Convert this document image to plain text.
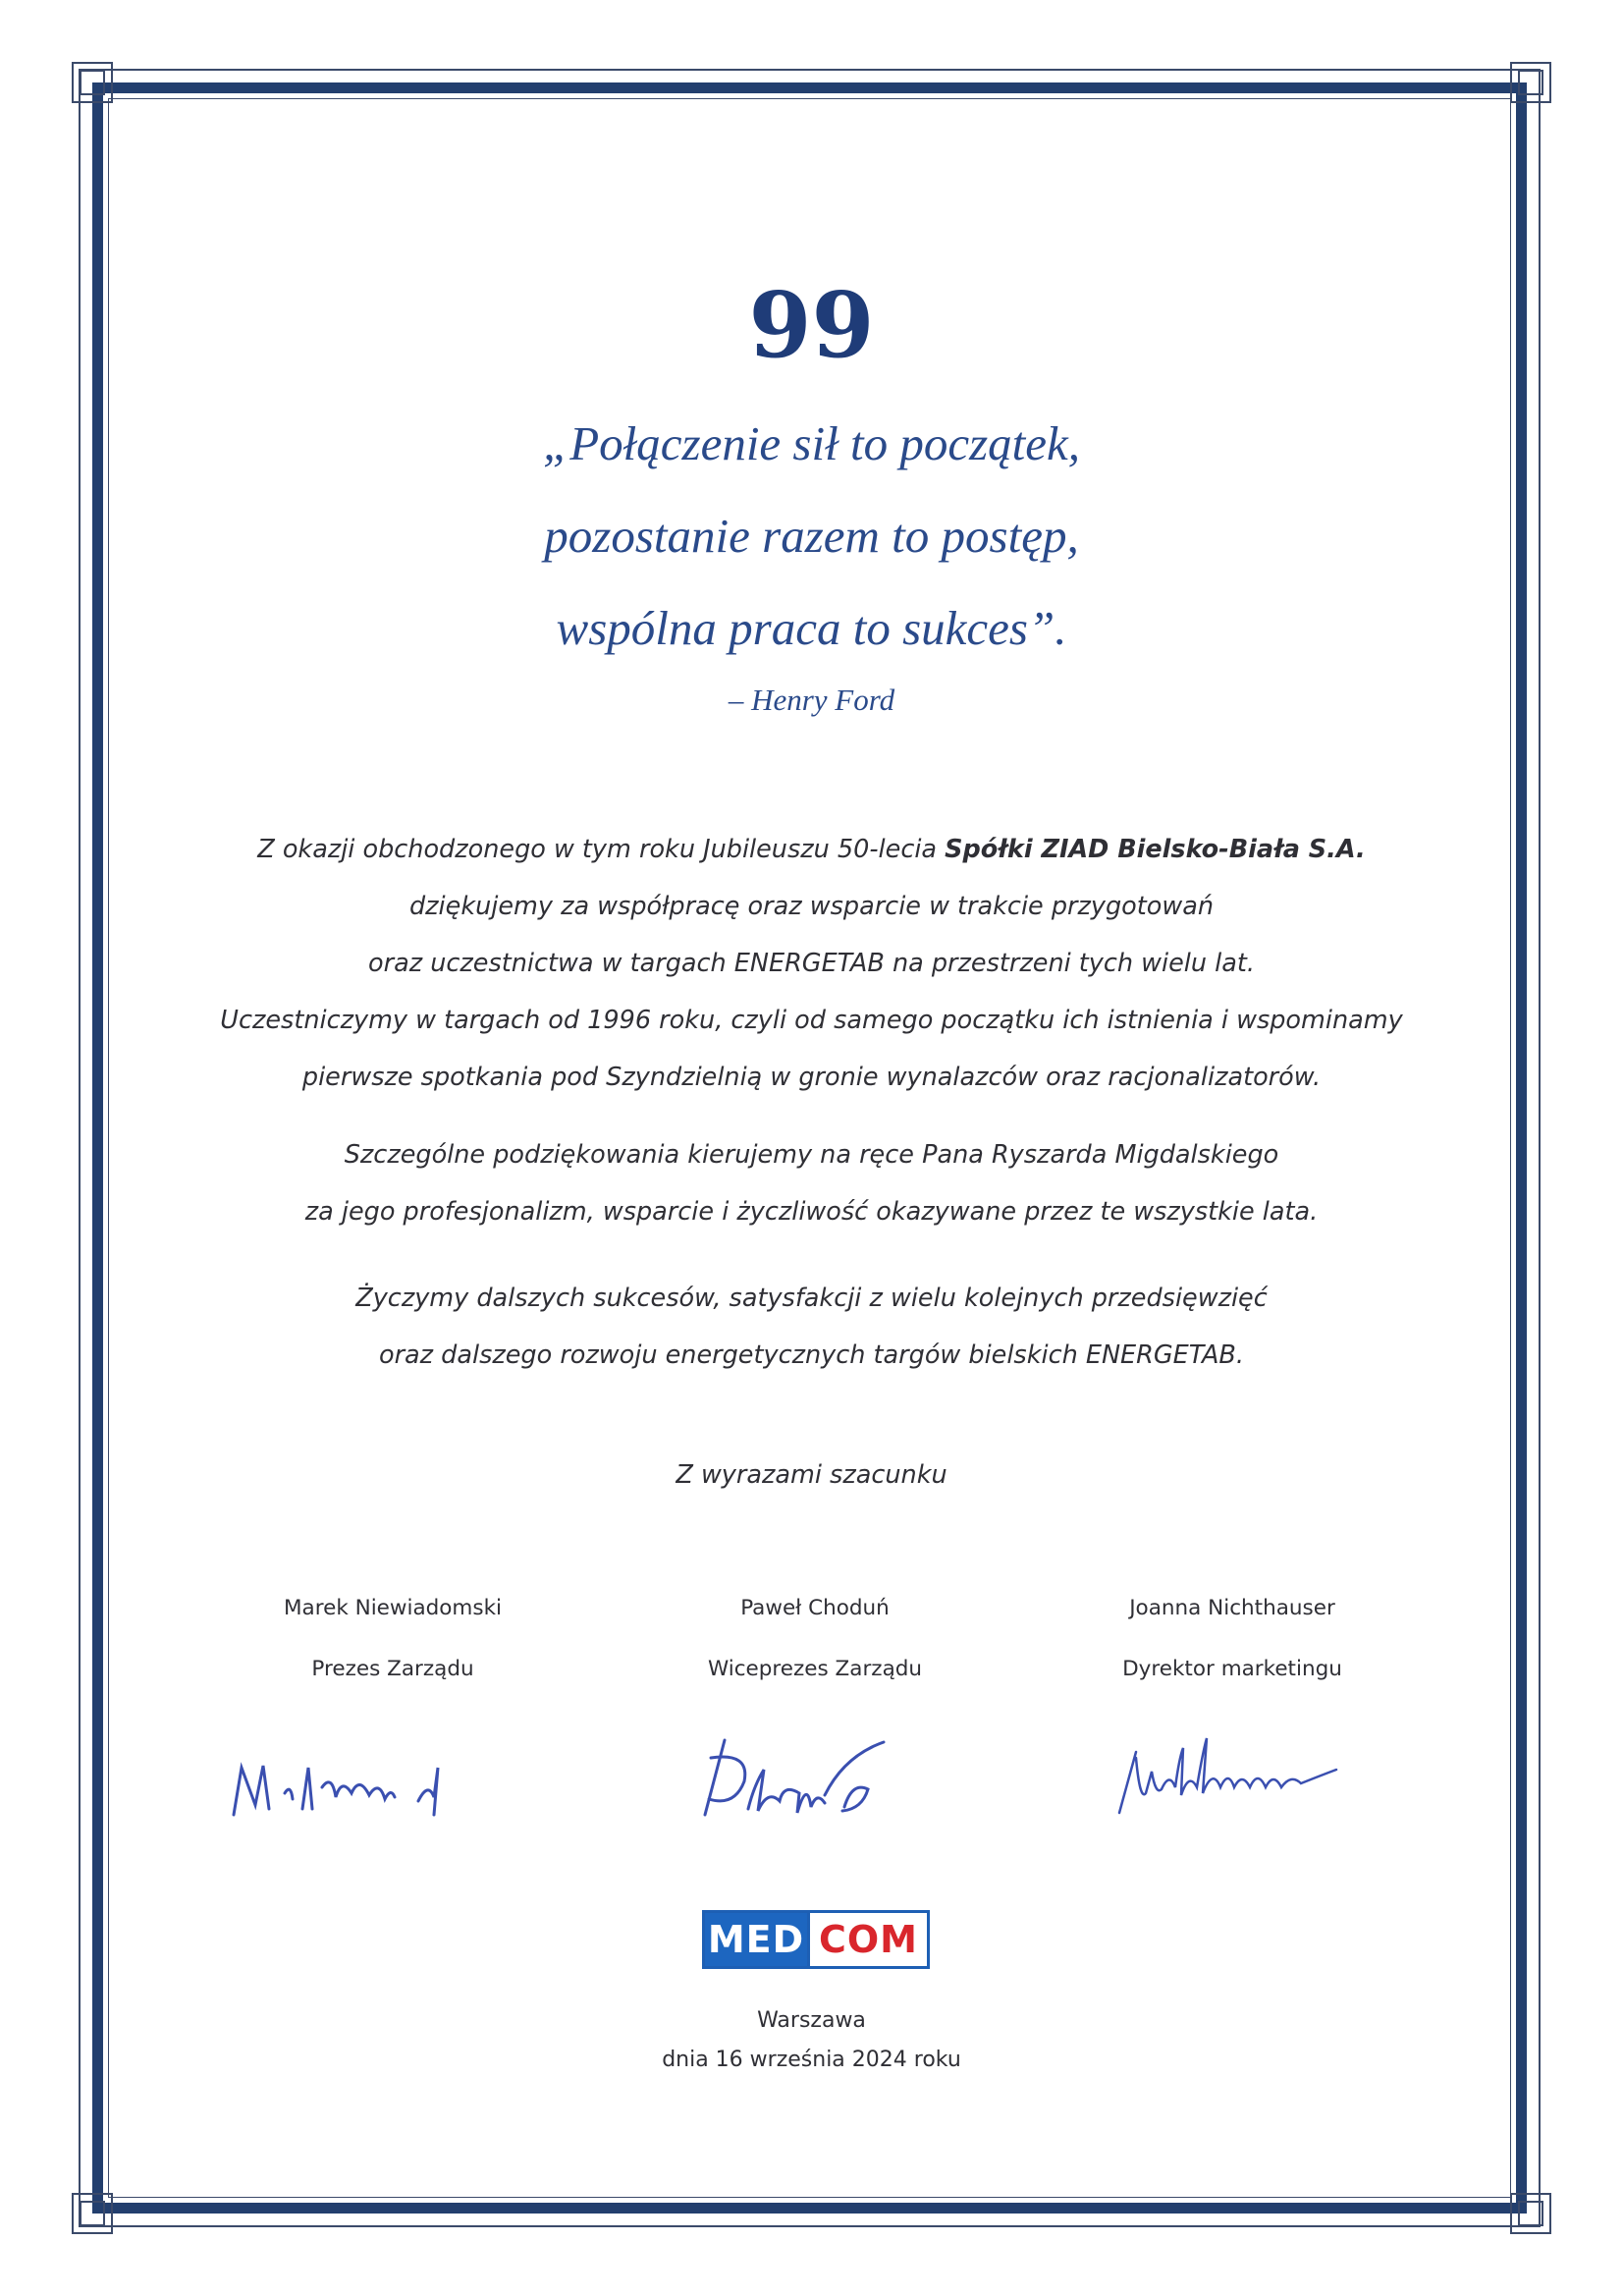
99
„Połączenie sił to początek,
pozostanie razem to postęp,
wspólna praca to sukces”.
– Henry Ford
Z okazji obchodzonego w tym roku Jubileuszu 50-lecia Spółki ZIAD Bielsko-Biała S.A.
dziękujemy za współpracę oraz wsparcie w trakcie przygotowań
oraz uczestnictwa w targach ENERGETAB na przestrzeni tych wielu lat.
Uczestniczymy w targach od 1996 roku, czyli od samego początku ich istnienia i wspominamy
pierwsze spotkania pod Szyndzielnią w gronie wynalazców oraz racjonalizatorów.
Szczególne podziękowania kierujemy na ręce Pana Ryszarda Migdalskiego
za jego profesjonalizm, wsparcie i życzliwość okazywane przez te wszystkie lata.
Życzymy dalszych sukcesów, satysfakcji z wielu kolejnych przedsięwzięć
oraz dalszego rozwoju energetycznych targów bielskich ENERGETAB.
Z wyrazami szacunku
Marek Niewiadomski
Prezes Zarządu
Paweł Choduń
Wiceprezes Zarządu
Joanna Nichthauser
Dyrektor marketingu
MED COM
Warszawa
dnia 16 września 2024 roku
